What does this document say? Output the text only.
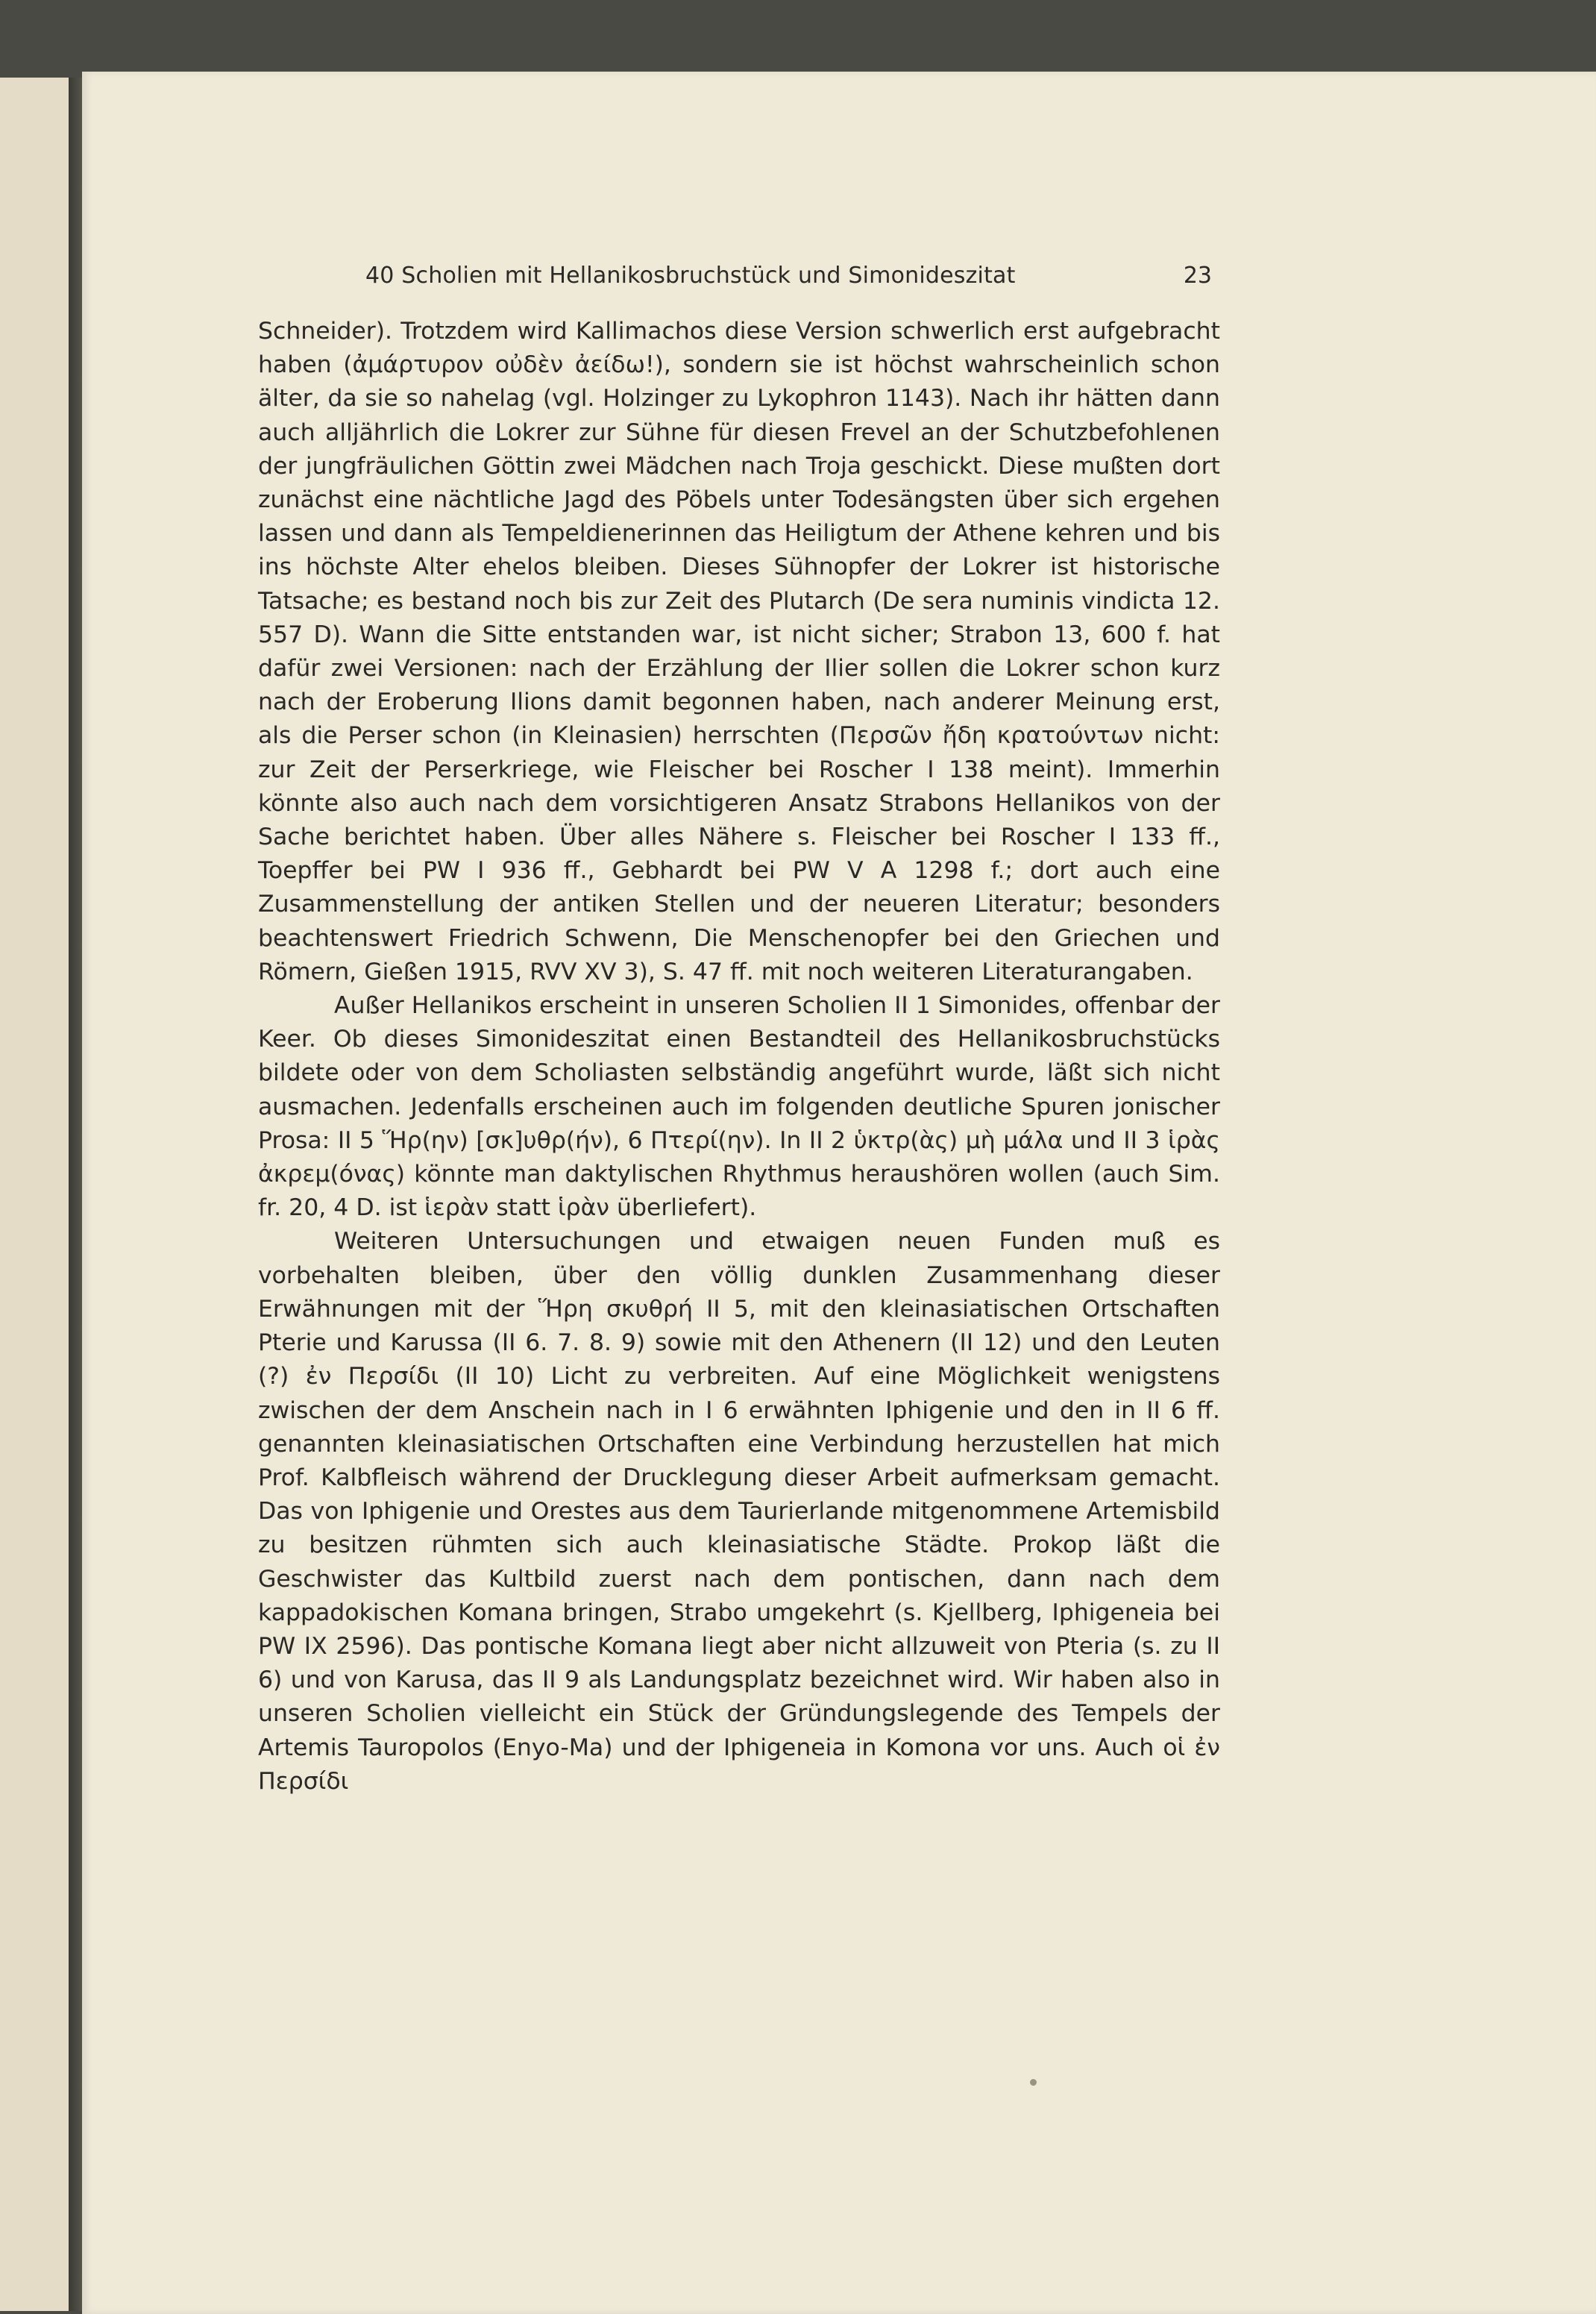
40 Scholien mit Hellanikosbruchstück und Simonideszitat	23

Schneider). Trotzdem wird Kallimachos diese Version schwerlich erst aufgebracht haben (ἀμάρτυρον οὐδὲν ἀείδω!), sondern sie ist höchst wahrscheinlich schon älter, da sie so nahelag (vgl. Holzinger zu Lykophron 1143). Nach ihr hätten dann auch alljährlich die Lokrer zur Sühne für diesen Frevel an der Schutzbefohlenen der jungfräulichen Göttin zwei Mädchen nach Troja geschickt. Diese mußten dort zunächst eine nächtliche Jagd des Pöbels unter Todesängsten über sich ergehen lassen und dann als Tempeldienerinnen das Heiligtum der Athene kehren und bis ins höchste Alter ehelos bleiben. Dieses Sühnopfer der Lokrer ist historische Tatsache; es bestand noch bis zur Zeit des Plutarch (De sera numinis vindicta 12. 557 D). Wann die Sitte entstanden war, ist nicht sicher; Strabon 13, 600 f. hat dafür zwei Versionen: nach der Erzählung der Ilier sollen die Lokrer schon kurz nach der Eroberung Ilions damit begonnen haben, nach anderer Meinung erst, als die Perser schon (in Kleinasien) herrschten (Περσῶν ἤδη κρατούντων nicht: zur Zeit der Perserkriege, wie Fleischer bei Roscher I 138 meint). Immerhin könnte also auch nach dem vorsichtigeren Ansatz Strabons Hellanikos von der Sache berichtet haben. Über alles Nähere s. Fleischer bei Roscher I 133 ff., Toepffer bei PW I 936 ff., Gebhardt bei PW V A 1298 f.; dort auch eine Zusammenstellung der antiken Stellen und der neueren Literatur; besonders beachtenswert Friedrich Schwenn, Die Menschenopfer bei den Griechen und Römern, Gießen 1915, RVV XV 3), S. 47 ff. mit noch weiteren Literaturangaben.

Außer Hellanikos erscheint in unseren Scholien II 1 Simonides, offenbar der Keer. Ob dieses Simonideszitat einen Bestandteil des Hellanikosbruchstücks bildete oder von dem Scholiasten selbständig angeführt wurde, läßt sich nicht ausmachen. Jedenfalls erscheinen auch im folgenden deutliche Spuren jonischer Prosa: II 5 Ἥρ(ην) [σκ]υθρ(ήν), 6 Πτερί(ην). In II 2 ὑκτρ(ὰς) μὴ μάλα und II 3 ἱρὰς ἀκρεμ(όνας) könnte man daktylischen Rhythmus heraushören wollen (auch Sim. fr. 20, 4 D. ist ἱερὰν statt ἱρὰν überliefert).

Weiteren Untersuchungen und etwaigen neuen Funden muß es vorbehalten bleiben, über den völlig dunklen Zusammenhang dieser Erwähnungen mit der Ἥρη σκυθρή II 5, mit den kleinasiatischen Ortschaften Pterie und Karussa (II 6. 7. 8. 9) sowie mit den Athenern (II 12) und den Leuten (?) ἐν Περσίδι (II 10) Licht zu verbreiten. Auf eine Möglichkeit wenigstens zwischen der dem Anschein nach in I 6 erwähnten Iphigenie und den in II 6 ff. genannten kleinasiatischen Ortschaften eine Verbindung herzustellen hat mich Prof. Kalbfleisch während der Drucklegung dieser Arbeit aufmerksam gemacht. Das von Iphigenie und Orestes aus dem Taurierlande mitgenommene Artemisbild zu besitzen rühmten sich auch kleinasiatische Städte. Prokop läßt die Geschwister das Kultbild zuerst nach dem pontischen, dann nach dem kappadokischen Komana bringen, Strabo umgekehrt (s. Kjellberg, Iphigeneia bei PW IX 2596). Das pontische Komana liegt aber nicht allzuweit von Pteria (s. zu II 6) und von Karusa, das II 9 als Landungsplatz bezeichnet wird. Wir haben also in unseren Scholien vielleicht ein Stück der Gründungslegende des Tempels der Artemis Tauropolos (Enyo-Ma) und der Iphigeneia in Komona vor uns. Auch οἱ ἐν Περσίδι
